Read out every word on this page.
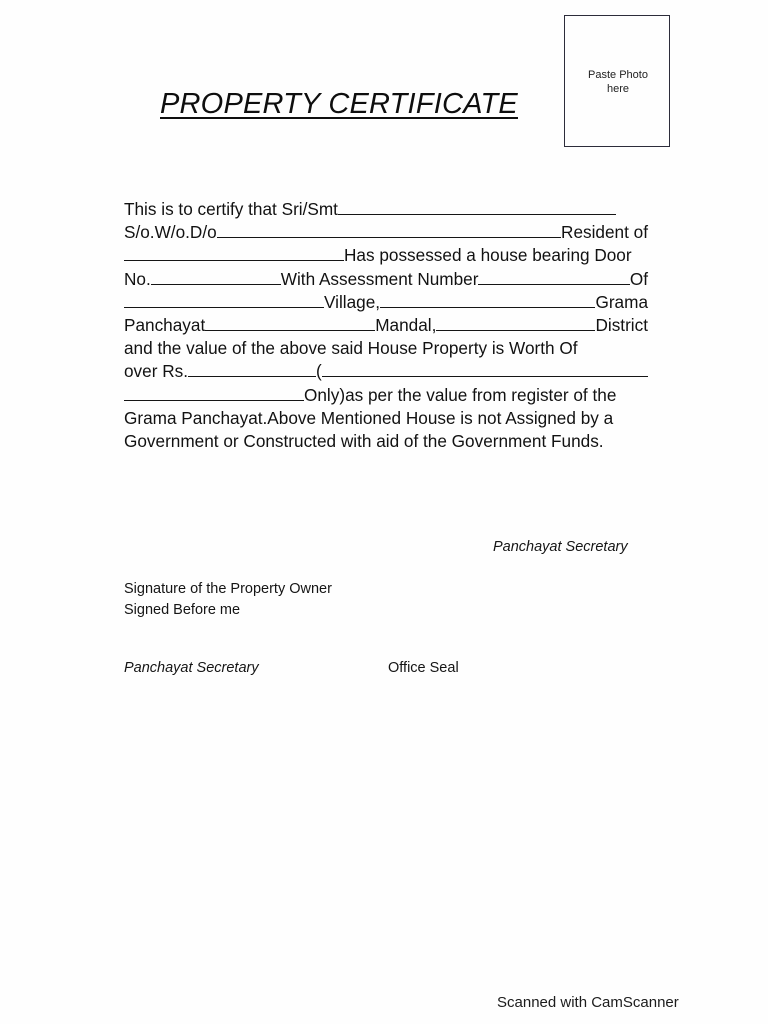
Paste Photo
here
PROPERTY CERTIFICATE
This is to certify that Sri/Smt
S/o.W/o.D/o	Resident of
Has possessed a house bearing Door
No.	With Assessment Number	Of
Village,	Grama
Panchayat	Mandal,	District
and the value of the above said House Property is Worth Of
over Rs.	(
Only)as per the value from register of the
Grama Panchayat.Above Mentioned House is not Assigned by a
Government or Constructed with aid of the Government Funds.
Panchayat Secretary
Signature of the Property Owner
Signed Before me
Panchayat Secretary	Office Seal
Scanned with CamScanner
